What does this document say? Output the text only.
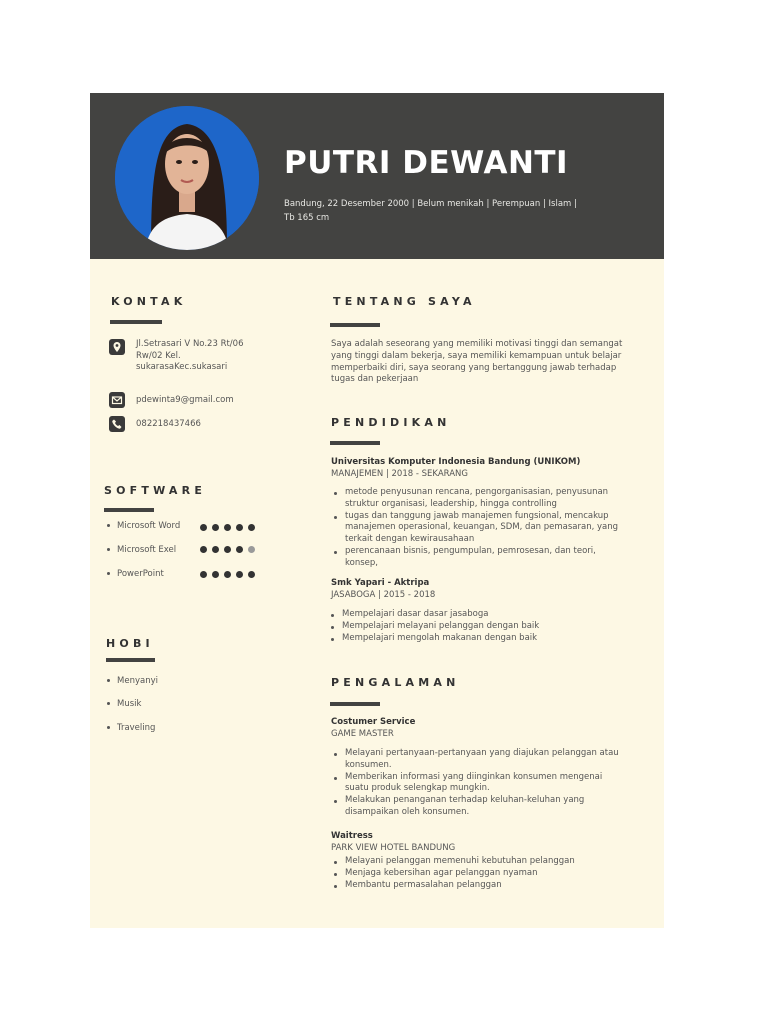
PUTRI DEWANTI
Bandung, 22 Desember 2000 | Belum menikah | Perempuan | Islam | Tb 165 cm
KONTAK
Jl.Setrasari V No.23 Rt/06 Rw/02 Kel. sukarasaKec.sukasari
pdewinta9@gmail.com
082218437466
SOFTWARE
Microsoft Word
Microsoft Exel
PowerPoint
HOBI
Menyanyi
Musik
Traveling
TENTANG SAYA
Saya adalah seseorang yang memiliki motivasi tinggi dan semangat yang tinggi dalam bekerja, saya memiliki kemampuan untuk belajar memperbaiki diri, saya seorang yang bertanggung jawab terhadap tugas dan pekerjaan
PENDIDIKAN
Universitas Komputer Indonesia Bandung (UNIKOM)
MANAJEMEN | 2018 - SEKARANG
metode penyusunan rencana, pengorganisasian, penyusunan struktur organisasi, leadership, hingga controlling
tugas dan tanggung jawab manajemen fungsional, mencakup manajemen operasional, keuangan, SDM, dan pemasaran, yang terkait dengan kewirausahaan
perencanaan bisnis, pengumpulan, pemrosesan, dan teori, konsep,
Smk Yapari - Aktripa
JASABOGA | 2015 - 2018
Mempelajari dasar dasar jasaboga
Mempelajari melayani pelanggan dengan baik
Mempelajari mengolah makanan dengan baik
PENGALAMAN
Costumer Service
GAME MASTER
Melayani pertanyaan-pertanyaan yang diajukan pelanggan atau konsumen.
Memberikan informasi yang diinginkan konsumen mengenai suatu produk selengkap mungkin.
Melakukan penanganan terhadap keluhan-keluhan yang disampaikan oleh konsumen.
Waitress
PARK VIEW HOTEL BANDUNG
Melayani pelanggan memenuhi kebutuhan pelanggan
Menjaga kebersihan agar pelanggan nyaman
Membantu permasalahan pelanggan
